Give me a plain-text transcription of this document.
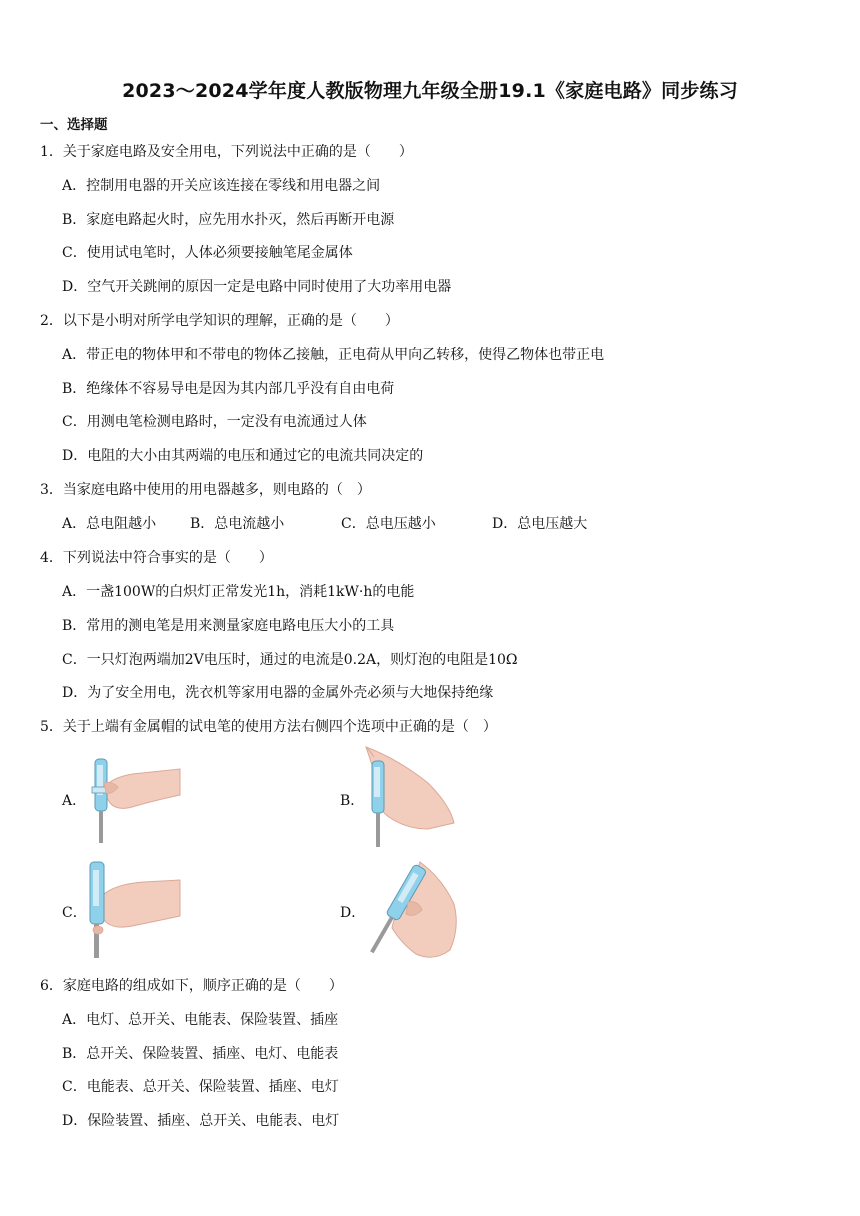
2023～2024学年度人教版物理九年级全册19.1《家庭电路》同步练习
一、选择题
1．关于家庭电路及安全用电，下列说法中正确的是（　　）
A．控制用电器的开关应该连接在零线和用电器之间
B．家庭电路起火时，应先用水扑灭，然后再断开电源
C．使用试电笔时，人体必须要接触笔尾金属体
D．空气开关跳闸的原因一定是电路中同时使用了大功率用电器
2．以下是小明对所学电学知识的理解，正确的是（　　）
A．带正电的物体甲和不带电的物体乙接触，正电荷从甲向乙转移，使得乙物体也带正电
B．绝缘体不容易导电是因为其内部几乎没有自由电荷
C．用测电笔检测电路时，一定没有电流通过人体
D．电阻的大小由其两端的电压和通过它的电流共同决定的
3．当家庭电路中使用的用电器越多，则电路的（　）
A．总电阻越小 B．总电流越小	C．总电压越小	D．总电压越大
4．下列说法中符合事实的是（　　）
A．一盏100W的白炽灯正常发光1h，消耗1kW·h的电能
B．常用的测电笔是用来测量家庭电路电压大小的工具
C．一只灯泡两端加2V电压时，通过的电流是0.2A，则灯泡的电阻是10Ω
D．为了安全用电，洗衣机等家用电器的金属外壳必须与大地保持绝缘
5．关于上端有金属帽的试电笔的使用方法右侧四个选项中正确的是（　）
A．	B．
C．	D．
6．家庭电路的组成如下，顺序正确的是（　　）
A．电灯、总开关、电能表、保险装置、插座
B．总开关、保险装置、插座、电灯、电能表
C．电能表、总开关、保险装置、插座、电灯
D．保险装置、插座、总开关、电能表、电灯
